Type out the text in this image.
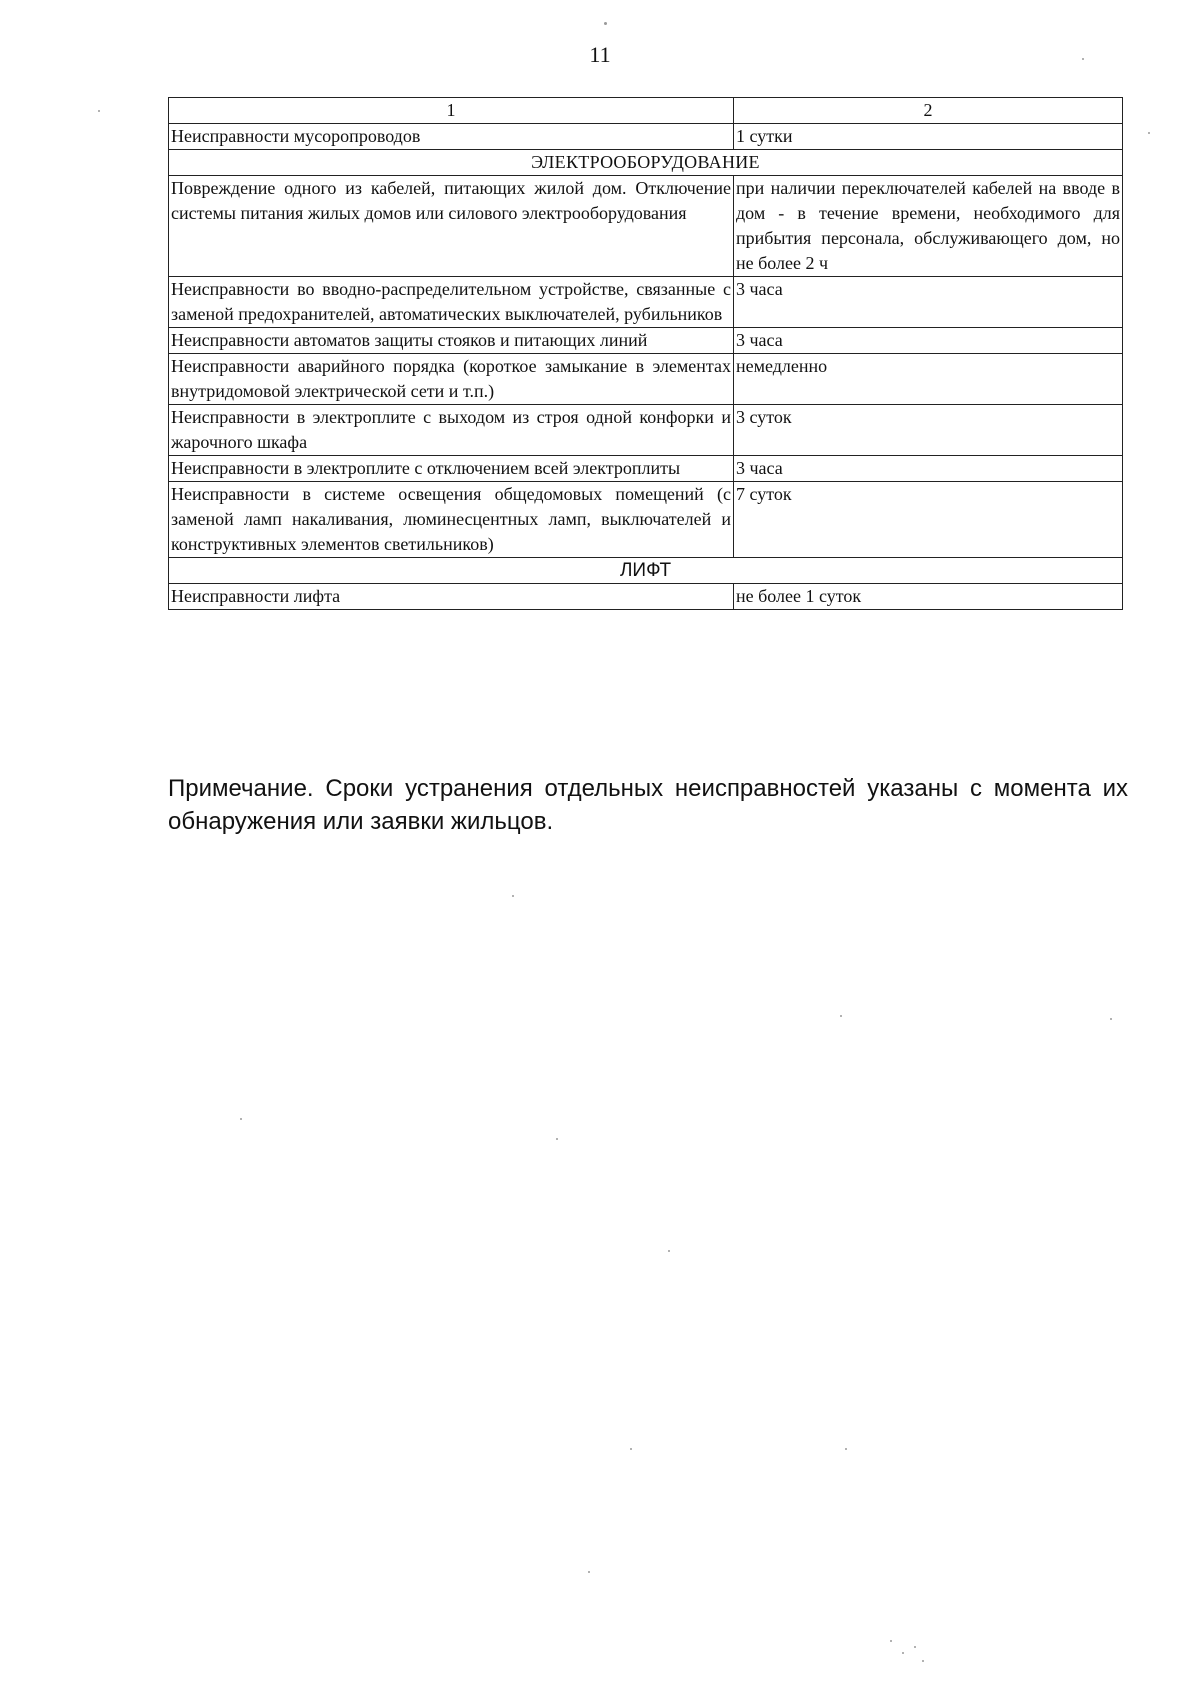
11
1	2
Неисправности мусоропроводов	1 сутки
ЭЛЕКТРООБОРУДОВАНИЕ	
Повреждение одного из кабелей, питающих жилой дом. Отключение системы питания жилых домов или силового электрооборудования	при наличии переключателей кабелей на вводе в дом - в течение времени, необходимого для прибытия персонала, обслуживающего дом, но не более 2 ч
Неисправности во вводно-распределительном устройстве, связанные с заменой предохранителей, автоматических выключателей, рубильников	3 часа
Неисправности автоматов защиты стояков и питающих линий	3 часа
Неисправности аварийного порядка (короткое замыкание в элементах внутридомовой электрической сети и т.п.)	немедленно
Неисправности в электроплите с выходом из строя одной конфорки и жарочного шкафа	3 суток
Неисправности в электроплите с отключением всей электроплиты	3 часа
Неисправности в системе освещения общедомовых помещений (с заменой ламп накаливания, люминесцентных ламп, выключателей и конструктивных элементов светильников)	7 суток
ЛИФТ	
Неисправности лифта	не более 1 суток
Примечание. Сроки устранения отдельных неисправностей указаны с момента их обнаружения или заявки жильцов.
